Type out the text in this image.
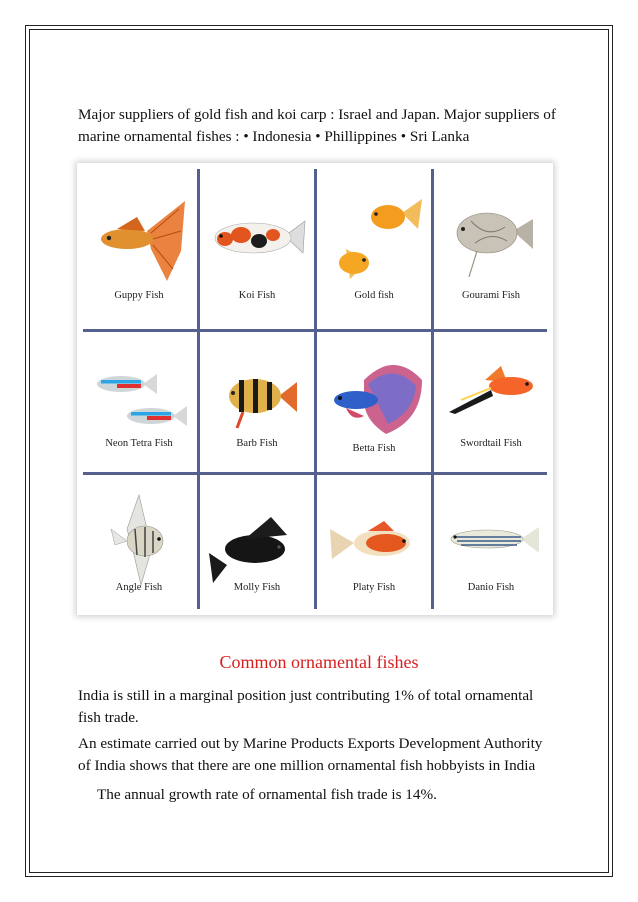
Major suppliers of gold fish and koi carp : Israel and Japan. Major suppliers of marine ornamental fishes : • Indonesia • Phillippines • Sri Lanka

Guppy Fish	Koi Fish	Gold fish	Gourami Fish
Neon Tetra Fish	Barb Fish	Betta Fish	Swordtail Fish
Angle Fish	Molly Fish	Platy Fish	Danio Fish
Common ornamental fishes

India is still in a marginal position just contributing 1% of total ornamental fish trade.

An estimate carried out by Marine Products Exports Development Authority of India shows that there are one million ornamental fish hobbyists in India

The annual growth rate of ornamental fish trade is 14%.
